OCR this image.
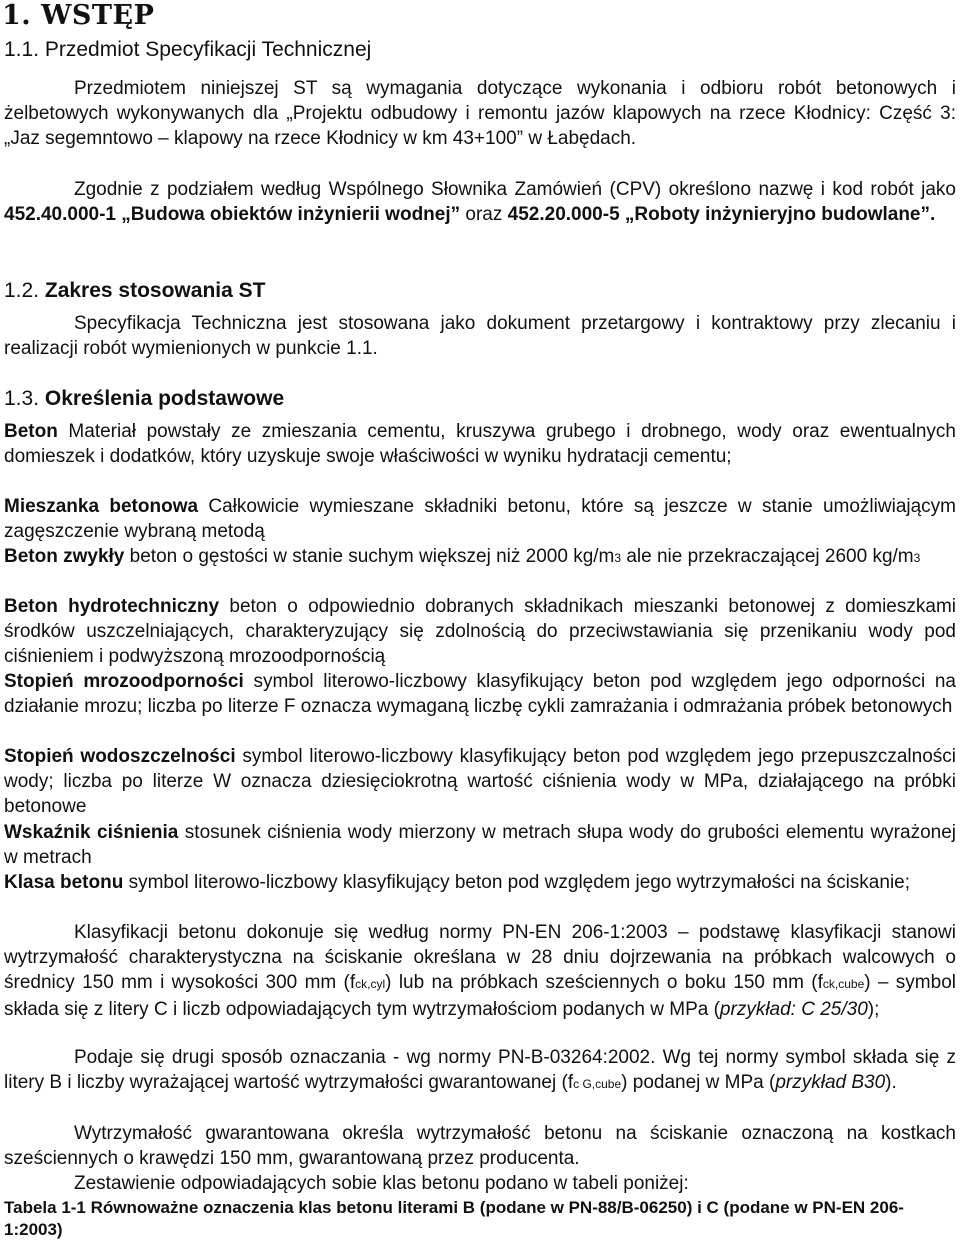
1. WSTĘP
1.1. Przedmiot Specyfikacji Technicznej
Przedmiotem niniejszej ST są wymagania dotyczące wykonania i odbioru robót betonowych i żelbetowych wykonywanych dla „Projektu odbudowy i remontu jazów klapowych na rzece Kłodnicy: Część 3: „Jaz segemntowo – klapowy na rzece Kłodnicy w km 43+100” w Łabędach.
Zgodnie z podziałem według Wspólnego Słownika Zamówień (CPV) określono nazwę i kod robót jako 452.40.000-1 „Budowa obiektów inżynierii wodnej” oraz 452.20.000-5 „Roboty inżynieryjno budowlane”.
1.2. Zakres stosowania ST
Specyfikacja Techniczna jest stosowana jako dokument przetargowy i kontraktowy przy zlecaniu i realizacji robót wymienionych w punkcie 1.1.
1.3. Określenia podstawowe
Beton Materiał powstały ze zmieszania cementu, kruszywa grubego i drobnego, wody oraz ewentualnych domieszek i dodatków, który uzyskuje swoje właściwości w wyniku hydratacji cementu;
Mieszanka betonowa Całkowicie wymieszane składniki betonu, które są jeszcze w stanie umożliwiającym zagęszczenie wybraną metodą
Beton zwykły beton o gęstości w stanie suchym większej niż 2000 kg/m3 ale nie przekraczającej 2600 kg/m3
Beton hydrotechniczny beton o odpowiednio dobranych składnikach mieszanki betonowej z domieszkami środków uszczelniających, charakteryzujący się zdolnością do przeciwstawiania się przenikaniu wody pod ciśnieniem i podwyższoną mrozoodpornością
Stopień mrozoodporności symbol literowo-liczbowy klasyfikujący beton pod względem jego odporności na działanie mrozu; liczba po literze F oznacza wymaganą liczbę cykli zamrażania i odmrażania próbek betonowych
Stopień wodoszczelności symbol literowo-liczbowy klasyfikujący beton pod względem jego przepuszczalności wody; liczba po literze W oznacza dziesięciokrotną wartość ciśnienia wody w MPa, działającego na próbki betonowe
Wskaźnik ciśnienia stosunek ciśnienia wody mierzony w metrach słupa wody do grubości elementu wyrażonej w metrach
Klasa betonu symbol literowo-liczbowy klasyfikujący beton pod względem jego wytrzymałości na ściskanie;
Klasyfikacji betonu dokonuje się według normy PN-EN 206-1:2003 – podstawę klasyfikacji stanowi wytrzymałość charakterystyczna na ściskanie określana w 28 dniu dojrzewania na próbkach walcowych o średnicy 150 mm i wysokości 300 mm (fck,cyl) lub na próbkach sześciennych o boku 150 mm (fck,cube) – symbol składa się z litery C i liczb odpowiadających tym wytrzymałościom podanych w MPa (przykład: C 25/30);
Podaje się drugi sposób oznaczania - wg normy PN-B-03264:2002. Wg tej normy symbol składa się z litery B i liczby wyrażającej wartość wytrzymałości gwarantowanej (fc G,cube) podanej w MPa (przykład B30).
Wytrzymałość gwarantowana określa wytrzymałość betonu na ściskanie oznaczoną na kostkach sześciennych o krawędzi 150 mm, gwarantowaną przez producenta.
Zestawienie odpowiadających sobie klas betonu podano w tabeli poniżej:
Tabela 1-1 Równoważne oznaczenia klas betonu literami B (podane w PN-88/B-06250) i C (podane w PN-EN 206-1:2003)
